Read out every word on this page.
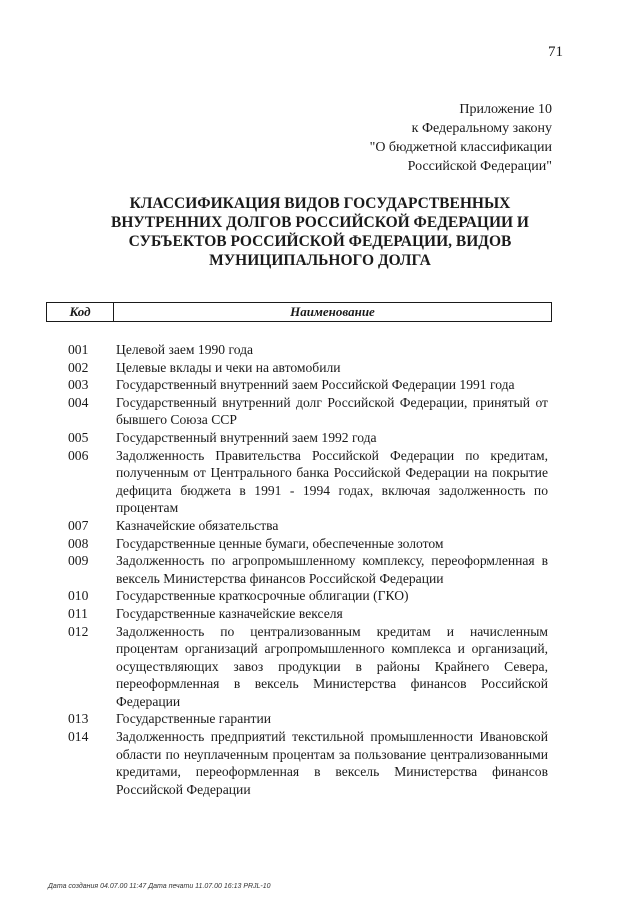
71
Приложение 10
к Федеральному закону
"О бюджетной классификации
Российской Федерации"
КЛАССИФИКАЦИЯ ВИДОВ ГОСУДАРСТВЕННЫХ
ВНУТРЕННИХ ДОЛГОВ РОССИЙСКОЙ ФЕДЕРАЦИИ И
СУБЪЕКТОВ РОССИЙСКОЙ ФЕДЕРАЦИИ, ВИДОВ
МУНИЦИПАЛЬНОГО ДОЛГА
Код	Наименование
001	Целевой заем 1990 года
002	Целевые вклады и чеки на автомобили
003	Государственный внутренний заем Российской Федерации 1991 года
004	Государственный внутренний долг Российской Федерации, принятый от бывшего Союза ССР
005	Государственный внутренний заем 1992 года
006	Задолженность Правительства Российской Федерации по кредитам, полученным от Центрального банка Российской Федерации на покрытие дефицита бюджета в 1991 - 1994 годах, включая задолженность по процентам
007	Казначейские обязательства
008	Государственные ценные бумаги, обеспеченные золотом
009	Задолженность по агропромышленному комплексу, переоформленная в вексель Министерства финансов Российской Федерации
010	Государственные краткосрочные облигации (ГКО)
011	Государственные казначейские векселя
012	Задолженность по централизованным кредитам и начисленным процентам организаций агропромышленного комплекса и организаций, осуществляющих завоз продукции в районы Крайнего Севера, переоформленная в вексель Министерства финансов Российской Федерации
013	Государственные гарантии
014	Задолженность предприятий текстильной промышленности Ивановской области по неуплаченным процентам за пользование централизованными кредитами, переоформленная в вексель Министерства финансов Российской Федерации
Дата создания 04.07.00 11:47 Дата печати 11.07.00 16:13 PRJL-10
